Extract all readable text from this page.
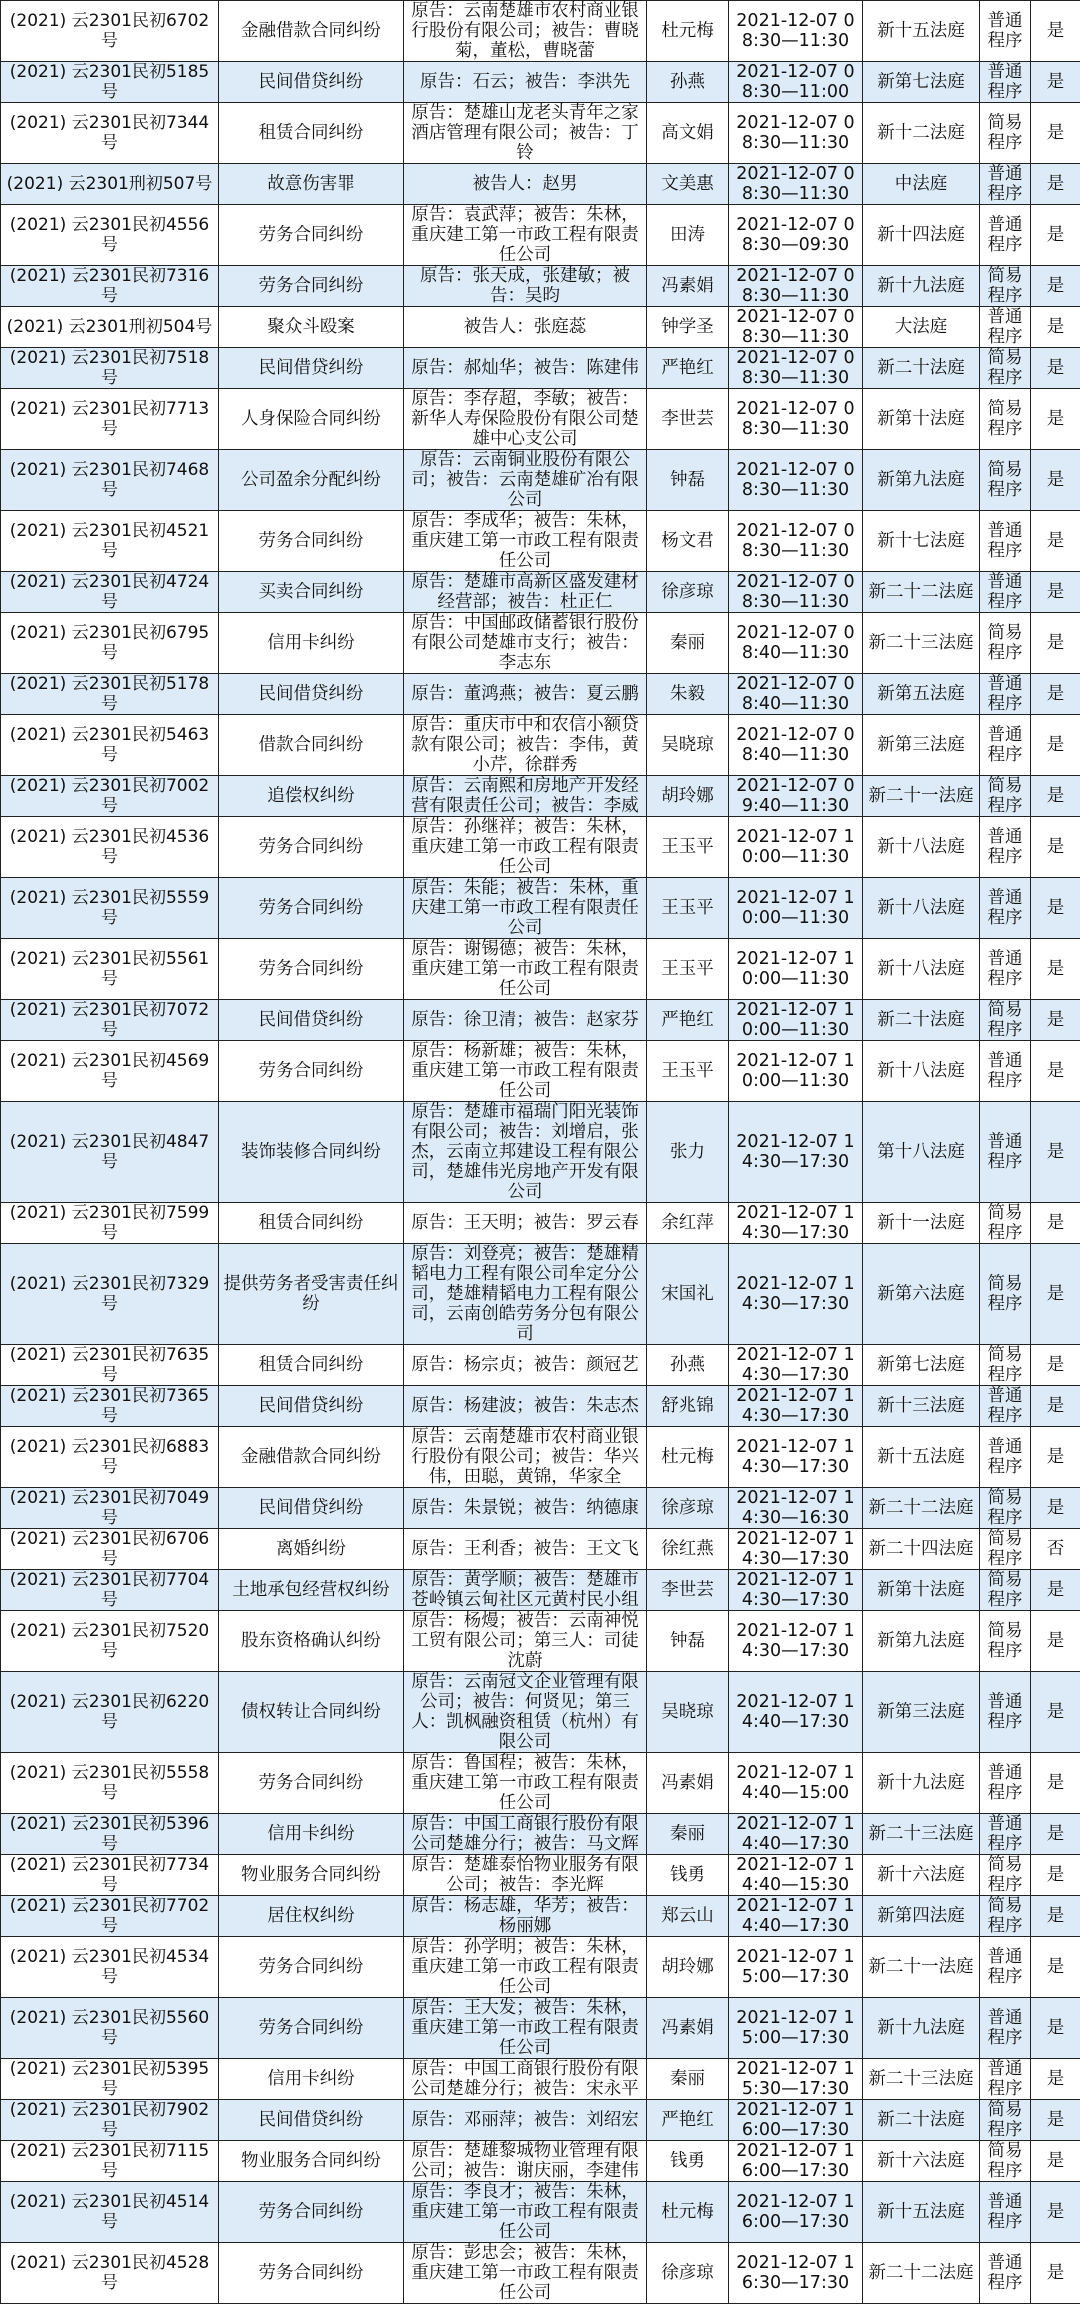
(2021) 云2301民初6702号	金融借款合同纠纷	原告：云南楚雄市农村商业银行股份有限公司；被告：曹晓菊，董松，曹晓蕾	杜元梅	2021-12-07 08:30—11:30	新十五法庭	普通程序	是
(2021) 云2301民初5185号	民间借贷纠纷	原告：石云；被告：李洪先	孙燕	2021-12-07 08:30—11:00	新第七法庭	普通程序	是
(2021) 云2301民初7344号	租赁合同纠纷	原告：楚雄山龙老头青年之家酒店管理有限公司；被告：丁铃	高文娟	2021-12-07 08:30—11:30	新十二法庭	简易程序	是
(2021) 云2301刑初507号	故意伤害罪	被告人：赵男	文美惠	2021-12-07 08:30—11:30	中法庭	普通程序	是
(2021) 云2301民初4556号	劳务合同纠纷	原告：袁武萍；被告：朱林，重庆建工第一市政工程有限责任公司	田涛	2021-12-07 08:30—09:30	新十四法庭	普通程序	是
(2021) 云2301民初7316号	劳务合同纠纷	原告：张天成，张建敏；被告：吴昀	冯素娟	2021-12-07 08:30—11:30	新十九法庭	简易程序	是
(2021) 云2301刑初504号	聚众斗殴案	被告人：张庭蕊	钟学圣	2021-12-07 08:30—11:30	大法庭	普通程序	是
(2021) 云2301民初7518号	民间借贷纠纷	原告：郝灿华；被告：陈建伟	严艳红	2021-12-07 08:30—11:30	新二十法庭	简易程序	是
(2021) 云2301民初7713号	人身保险合同纠纷	原告：李存超，李敏；被告：新华人寿保险股份有限公司楚雄中心支公司	李世芸	2021-12-07 08:30—11:30	新第十法庭	简易程序	是
(2021) 云2301民初7468号	公司盈余分配纠纷	原告：云南铜业股份有限公司；被告：云南楚雄矿冶有限公司	钟磊	2021-12-07 08:30—11:30	新第九法庭	简易程序	是
(2021) 云2301民初4521号	劳务合同纠纷	原告：李成华；被告：朱林，重庆建工第一市政工程有限责任公司	杨文君	2021-12-07 08:30—11:30	新十七法庭	普通程序	是
(2021) 云2301民初4724号	买卖合同纠纷	原告：楚雄市高新区盛发建材经营部；被告：杜正仁	徐彦琼	2021-12-07 08:30—11:30	新二十二法庭	普通程序	是
(2021) 云2301民初6795号	信用卡纠纷	原告：中国邮政储蓄银行股份有限公司楚雄市支行；被告：李志东	秦丽	2021-12-07 08:40—11:30	新二十三法庭	简易程序	是
(2021) 云2301民初5178号	民间借贷纠纷	原告：董鸿燕；被告：夏云鹏	朱毅	2021-12-07 08:40—11:30	新第五法庭	普通程序	是
(2021) 云2301民初5463号	借款合同纠纷	原告：重庆市中和农信小额贷款有限公司；被告：李伟，黄小芹，徐群秀	吴晓琼	2021-12-07 08:40—11:30	新第三法庭	普通程序	是
(2021) 云2301民初7002号	追偿权纠纷	原告：云南熙和房地产开发经营有限责任公司；被告：李威	胡玲娜	2021-12-07 09:40—11:30	新二十一法庭	简易程序	是
(2021) 云2301民初4536号	劳务合同纠纷	原告：孙继祥；被告：朱林，重庆建工第一市政工程有限责任公司	王玉平	2021-12-07 10:00—11:30	新十八法庭	普通程序	是
(2021) 云2301民初5559号	劳务合同纠纷	原告：朱能；被告：朱林，重庆建工第一市政工程有限责任公司	王玉平	2021-12-07 10:00—11:30	新十八法庭	普通程序	是
(2021) 云2301民初5561号	劳务合同纠纷	原告：谢锡德；被告：朱林，重庆建工第一市政工程有限责任公司	王玉平	2021-12-07 10:00—11:30	新十八法庭	普通程序	是
(2021) 云2301民初7072号	民间借贷纠纷	原告：徐卫清；被告：赵家芬	严艳红	2021-12-07 10:00—11:30	新二十法庭	简易程序	是
(2021) 云2301民初4569号	劳务合同纠纷	原告：杨新雄；被告：朱林，重庆建工第一市政工程有限责任公司	王玉平	2021-12-07 10:00—11:30	新十八法庭	普通程序	是
(2021) 云2301民初4847号	装饰装修合同纠纷	原告：楚雄市福瑞门阳光装饰有限公司；被告：刘增启，张杰，云南立邦建设工程有限公司，楚雄伟光房地产开发有限公司	张力	2021-12-07 14:30—17:30	第十八法庭	普通程序	是
(2021) 云2301民初7599号	租赁合同纠纷	原告：王天明；被告：罗云春	余红萍	2021-12-07 14:30—17:30	新十一法庭	简易程序	是
(2021) 云2301民初7329号	提供劳务者受害责任纠纷	原告：刘登亮；被告：楚雄精韬电力工程有限公司牟定分公司，楚雄精韬电力工程有限公司，云南创皓劳务分包有限公司	宋国礼	2021-12-07 14:30—17:30	新第六法庭	简易程序	是
(2021) 云2301民初7635号	租赁合同纠纷	原告：杨宗贞；被告：颜冠艺	孙燕	2021-12-07 14:30—17:30	新第七法庭	简易程序	是
(2021) 云2301民初7365号	民间借贷纠纷	原告：杨建波；被告：朱志杰	舒兆锦	2021-12-07 14:30—17:30	新十三法庭	普通程序	是
(2021) 云2301民初6883号	金融借款合同纠纷	原告：云南楚雄市农村商业银行股份有限公司；被告：华兴伟，田聪，黄锦，华家全	杜元梅	2021-12-07 14:30—17:30	新十五法庭	普通程序	是
(2021) 云2301民初7049号	民间借贷纠纷	原告：朱景锐；被告：纳德康	徐彦琼	2021-12-07 14:30—16:30	新二十二法庭	简易程序	是
(2021) 云2301民初6706号	离婚纠纷	原告：王利香；被告：王文飞	徐红燕	2021-12-07 14:30—17:30	新二十四法庭	简易程序	否
(2021) 云2301民初7704号	土地承包经营权纠纷	原告：黄学顺；被告：楚雄市苍岭镇云甸社区元黄村民小组	李世芸	2021-12-07 14:30—17:30	新第十法庭	简易程序	是
(2021) 云2301民初7520号	股东资格确认纠纷	原告：杨熳；被告：云南神悦工贸有限公司；第三人：司徒沈蔚	钟磊	2021-12-07 14:30—17:30	新第九法庭	简易程序	是
(2021) 云2301民初6220号	债权转让合同纠纷	原告：云南冠文企业管理有限公司；被告：何贤见；第三人：凯枫融资租赁（杭州）有限公司	吴晓琼	2021-12-07 14:40—17:30	新第三法庭	普通程序	是
(2021) 云2301民初5558号	劳务合同纠纷	原告：鲁国程；被告：朱林，重庆建工第一市政工程有限责任公司	冯素娟	2021-12-07 14:40—15:00	新十九法庭	普通程序	是
(2021) 云2301民初5396号	信用卡纠纷	原告：中国工商银行股份有限公司楚雄分行；被告：马文辉	秦丽	2021-12-07 14:40—17:30	新二十三法庭	普通程序	是
(2021) 云2301民初7734号	物业服务合同纠纷	原告：楚雄泰怡物业服务有限公司；被告：李光辉	钱勇	2021-12-07 14:40—15:30	新十六法庭	简易程序	是
(2021) 云2301民初7702号	居住权纠纷	原告：杨志雄，华芳；被告：杨丽娜	郑云山	2021-12-07 14:40—17:30	新第四法庭	简易程序	是
(2021) 云2301民初4534号	劳务合同纠纷	原告：孙学明；被告：朱林，重庆建工第一市政工程有限责任公司	胡玲娜	2021-12-07 15:00—17:30	新二十一法庭	普通程序	是
(2021) 云2301民初5560号	劳务合同纠纷	原告：王大发；被告：朱林，重庆建工第一市政工程有限责任公司	冯素娟	2021-12-07 15:00—17:30	新十九法庭	普通程序	是
(2021) 云2301民初5395号	信用卡纠纷	原告：中国工商银行股份有限公司楚雄分行；被告：宋永平	秦丽	2021-12-07 15:30—17:30	新二十三法庭	普通程序	是
(2021) 云2301民初7902号	民间借贷纠纷	原告：邓丽萍；被告：刘绍宏	严艳红	2021-12-07 16:00—17:30	新二十法庭	简易程序	是
(2021) 云2301民初7115号	物业服务合同纠纷	原告：楚雄黎城物业管理有限公司；被告：谢庆丽，李建伟	钱勇	2021-12-07 16:00—17:30	新十六法庭	简易程序	是
(2021) 云2301民初4514号	劳务合同纠纷	原告：李良才；被告：朱林，重庆建工第一市政工程有限责任公司	杜元梅	2021-12-07 16:00—17:30	新十五法庭	普通程序	是
(2021) 云2301民初4528号	劳务合同纠纷	原告：彭忠会；被告：朱林，重庆建工第一市政工程有限责任公司	徐彦琼	2021-12-07 16:30—17:30	新二十二法庭	普通程序	是
